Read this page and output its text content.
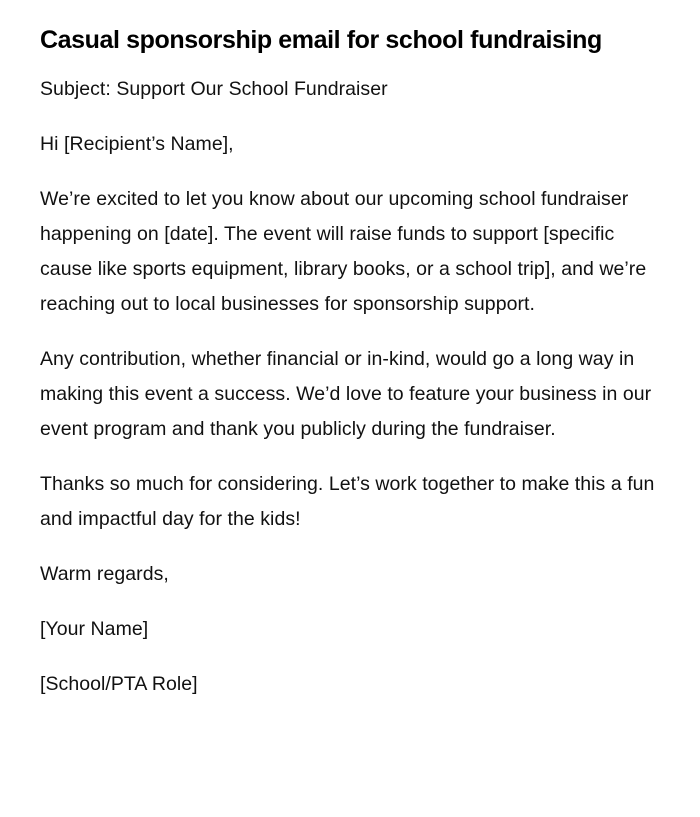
Casual sponsorship email for school fundraising

Subject: Support Our School Fundraiser

Hi [Recipient’s Name],

We’re excited to let you know about our upcoming school fundraiser happening on [date]. The event will raise funds to support [specific cause like sports equipment, library books, or a school trip], and we’re reaching out to local businesses for sponsorship support.

Any contribution, whether financial or in-kind, would go a long way in making this event a success. We’d love to feature your business in our event program and thank you publicly during the fundraiser.

Thanks so much for considering. Let’s work together to make this a fun and impactful day for the kids!

Warm regards,

[Your Name]

[School/PTA Role]
